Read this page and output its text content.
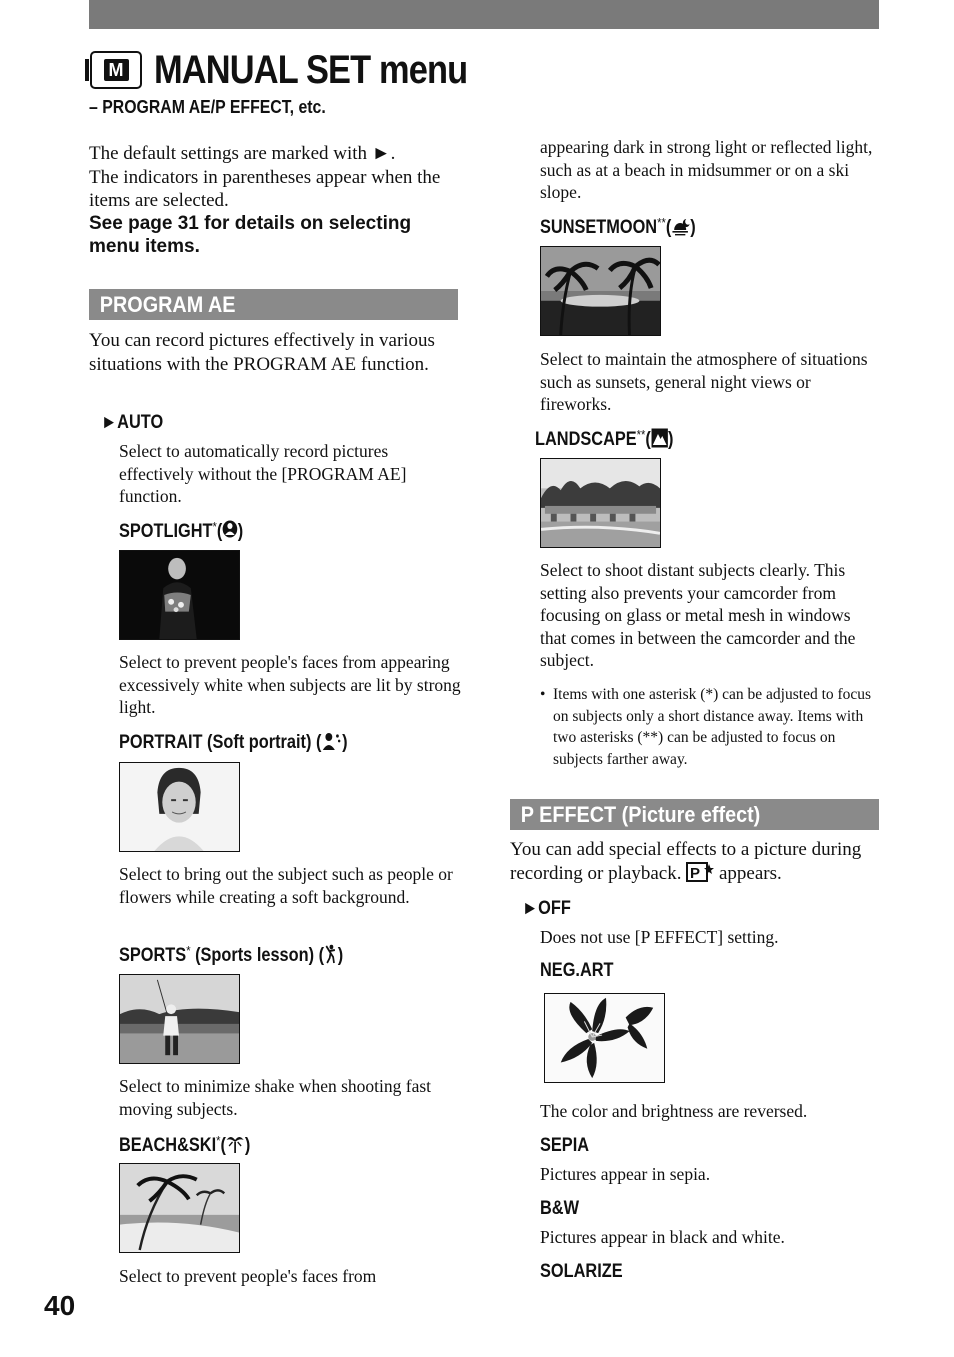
M MANUAL SET menu
– PROGRAM AE/P EFFECT, etc.
The default settings are marked with ►.
The indicators in parentheses appear when the items are selected.
See page 31 for details on selecting menu items.
PROGRAM AE
You can record pictures effectively in various situations with the PROGRAM AE function.
►AUTO
Select to automatically record pictures effectively without the [PROGRAM AE] function.
SPOTLIGHT*( )
Select to prevent people's faces from appearing excessively white when subjects are lit by strong light.
PORTRAIT (Soft portrait) ( )
Select to bring out the subject such as people or flowers while creating a soft background.
SPORTS* (Sports lesson) ( )
Select to minimize shake when shooting fast moving subjects.
BEACH&SKI*( )
Select to prevent people's faces from
appearing dark in strong light or reflected light, such as at a beach in midsummer or on a ski slope.
SUNSETMOON**( )
Select to maintain the atmosphere of situations such as sunsets, general night views or fireworks.
LANDSCAPE**( )
Select to shoot distant subjects clearly. This setting also prevents your camcorder from focusing on glass or metal mesh in windows that comes in between the camcorder and the subject.
• Items with one asterisk (*) can be adjusted to focus on subjects only a short distance away. Items with two asterisks (**) can be adjusted to focus on subjects farther away.
P EFFECT (Picture effect)
You can add special effects to a picture during recording or playback. P appears.
►OFF
Does not use [P EFFECT] setting.
NEG.ART
The color and brightness are reversed.
SEPIA
Pictures appear in sepia.
B&W
Pictures appear in black and white.
SOLARIZE
40
